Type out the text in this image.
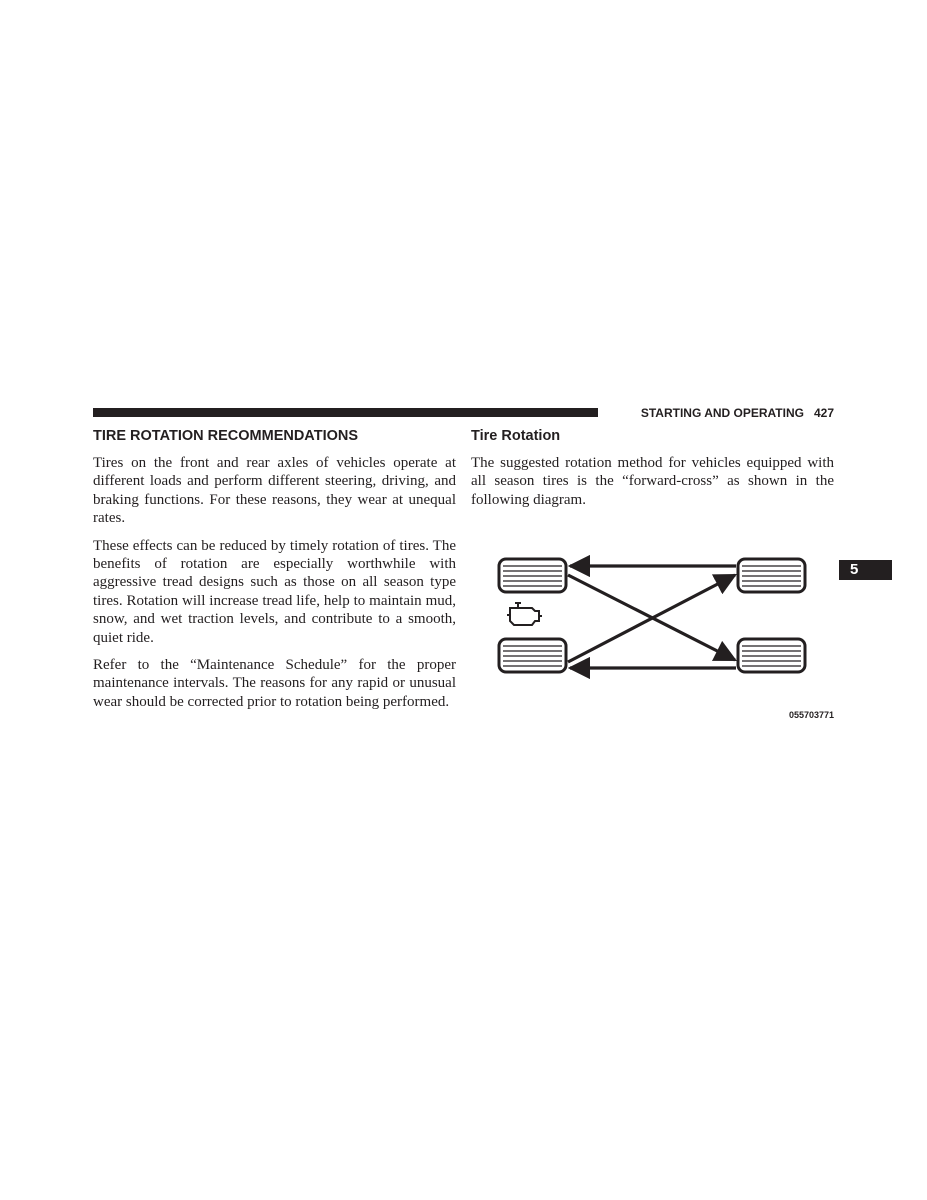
STARTING AND OPERATING 427
5
TIRE ROTATION RECOMMENDATIONS

Tires on the front and rear axles of vehicles operate at different loads and perform different steering, driving, and braking functions. For these reasons, they wear at unequal rates.

These effects can be reduced by timely rotation of tires. The benefits of rotation are especially worthwhile with aggressive tread designs such as those on all season type tires. Rotation will increase tread life, help to maintain mud, snow, and wet traction levels, and contribute to a smooth, quiet ride.

Refer to the “Maintenance Schedule” for the proper maintenance intervals. The reasons for any rapid or unusual wear should be corrected prior to rotation being performed.

Tire Rotation

The suggested rotation method for vehicles equipped with all season tires is the “forward-cross” as shown in the following diagram.

055703771
